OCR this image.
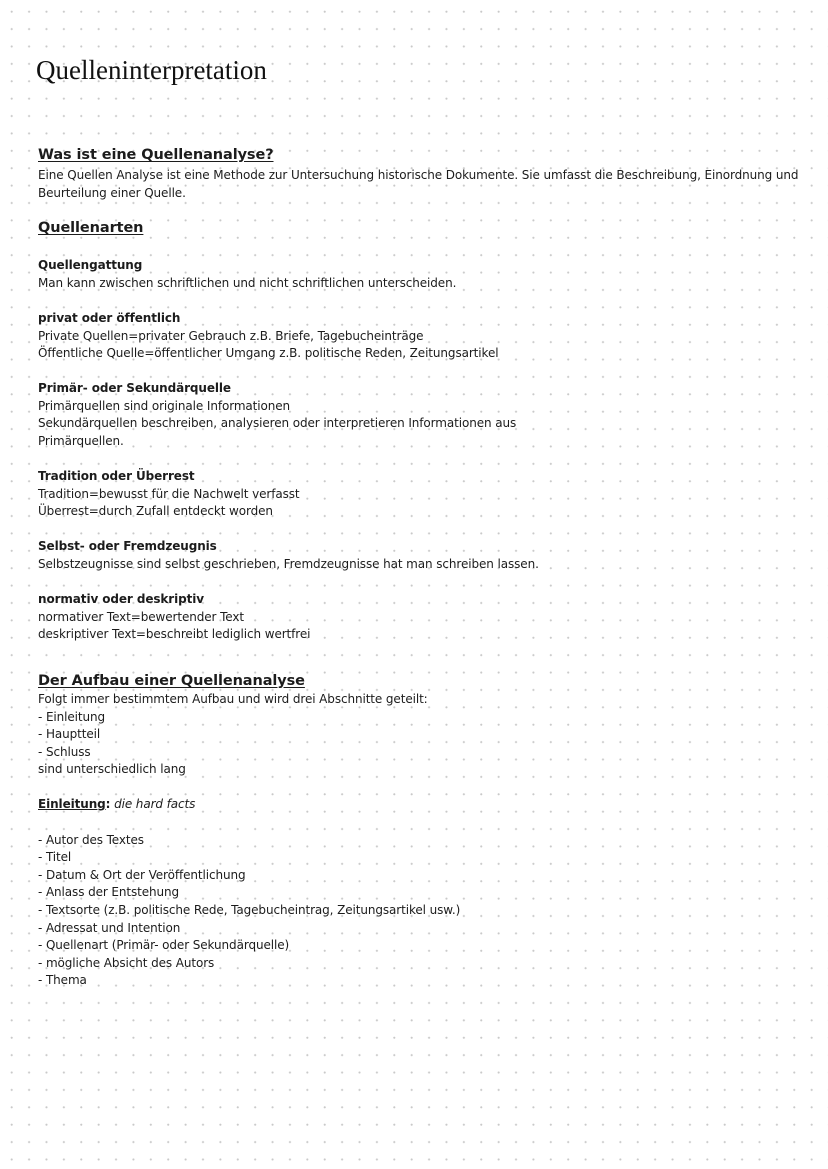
Quelleninterpretation
Was ist eine Quellenanalyse?
Eine Quellen Analyse ist eine Methode zur Untersuchung historische Dokumente. Sie umfasst die Beschreibung, Einordnung und
Beurteilung einer Quelle.
Quellenarten
Quellengattung
Man kann zwischen schriftlichen und nicht schriftlichen unterscheiden.
privat oder öffentlich
Private Quellen=privater Gebrauch z.B. Briefe, Tagebucheinträge
Öffentliche Quelle=öffentlicher Umgang z.B. politische Reden, Zeitungsartikel
Primär- oder Sekundärquelle
Primärquellen sind originale Informationen
Sekundärquellen beschreiben, analysieren oder interpretieren Informationen aus
Primärquellen.
Tradition oder Überrest
Tradition=bewusst für die Nachwelt verfasst
Überrest=durch Zufall entdeckt worden
Selbst- oder Fremdzeugnis
Selbstzeugnisse sind selbst geschrieben, Fremdzeugnisse hat man schreiben lassen.
normativ oder deskriptiv
normativer Text=bewertender Text
deskriptiver Text=beschreibt lediglich wertfrei
Der Aufbau einer Quellenanalyse
Folgt immer bestimmtem Aufbau und wird drei Abschnitte geteilt:
- Einleitung
- Hauptteil
- Schluss
sind unterschiedlich lang
Einleitung: die hard facts
- Autor des Textes
- Titel
- Datum & Ort der Veröffentlichung
- Anlass der Entstehung
- Textsorte (z.B. politische Rede, Tagebucheintrag, Zeitungsartikel usw.)
- Adressat und Intention
- Quellenart (Primär- oder Sekundärquelle)
- mögliche Absicht des Autors
- Thema
